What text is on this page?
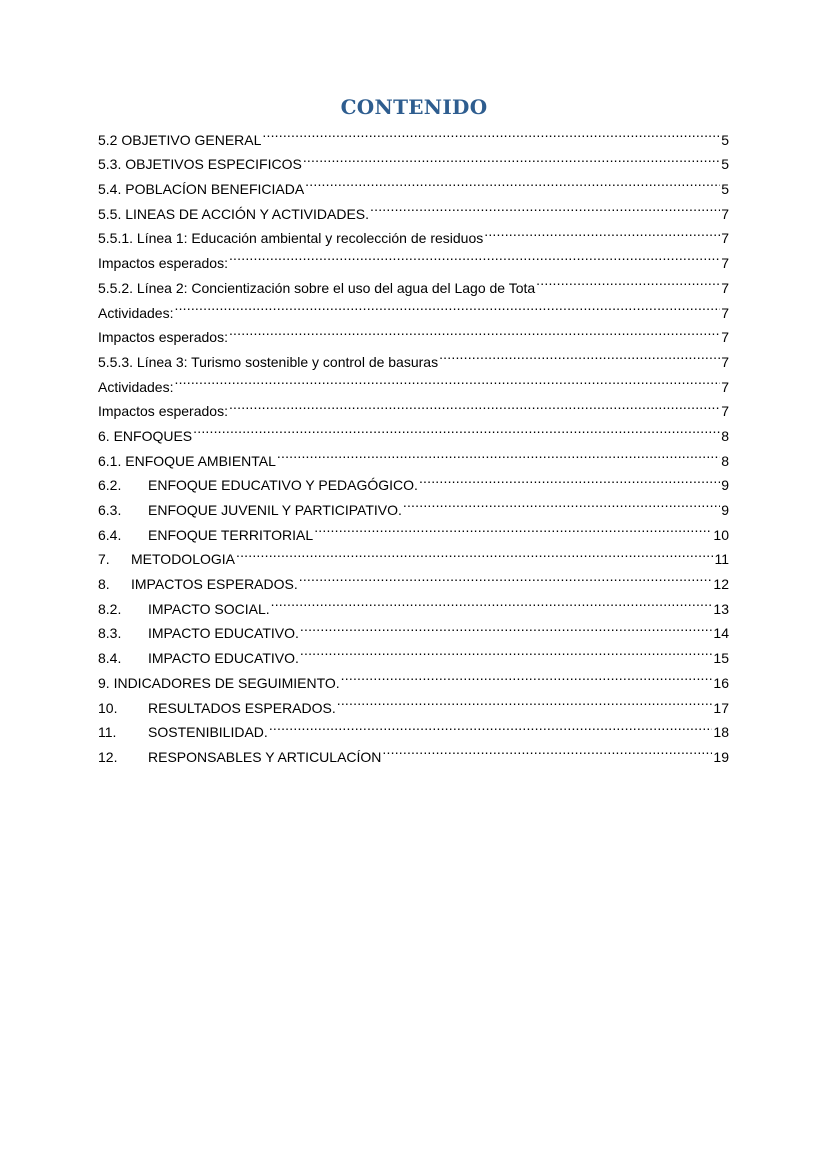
CONTENIDO
5.2 OBJETIVO GENERAL .....	5
5.3. OBJETIVOS ESPECIFICOS .....	5
5.4. POBLACÍON BENEFICIADA .....	5
5.5. LINEAS DE ACCIÓN Y ACTIVIDADES. .....	7
5.5.1. Línea 1: Educación ambiental y recolección de residuos .....	7
Impactos esperados: .....	7
5.5.2. Línea 2: Concientización sobre el uso del agua del Lago de Tota .....	7
Actividades: .....	7
Impactos esperados: .....	7
5.5.3. Línea 3: Turismo sostenible y control de basuras .....	7
Actividades: .....	7
Impactos esperados: .....	7
6. ENFOQUES .....	8
6.1. ENFOQUE AMBIENTAL .....	8
6.2.	ENFOQUE EDUCATIVO Y PEDAGÓGICO. .....	9
6.3.	ENFOQUE JUVENIL Y PARTICIPATIVO. .....	9
6.4.	ENFOQUE TERRITORIAL .....	10
7.	METODOLOGIA .....	11
8.	IMPACTOS ESPERADOS. .....	12
8.2.	IMPACTO SOCIAL. .....	13
8.3.	IMPACTO EDUCATIVO. .....	14
8.4.	IMPACTO EDUCATIVO. .....	15
9. INDICADORES DE SEGUIMIENTO. .....	16
10.	RESULTADOS ESPERADOS. .....	17
11.	SOSTENIBILIDAD. .....	18
12.	RESPONSABLES Y ARTICULACÍON .....	19
